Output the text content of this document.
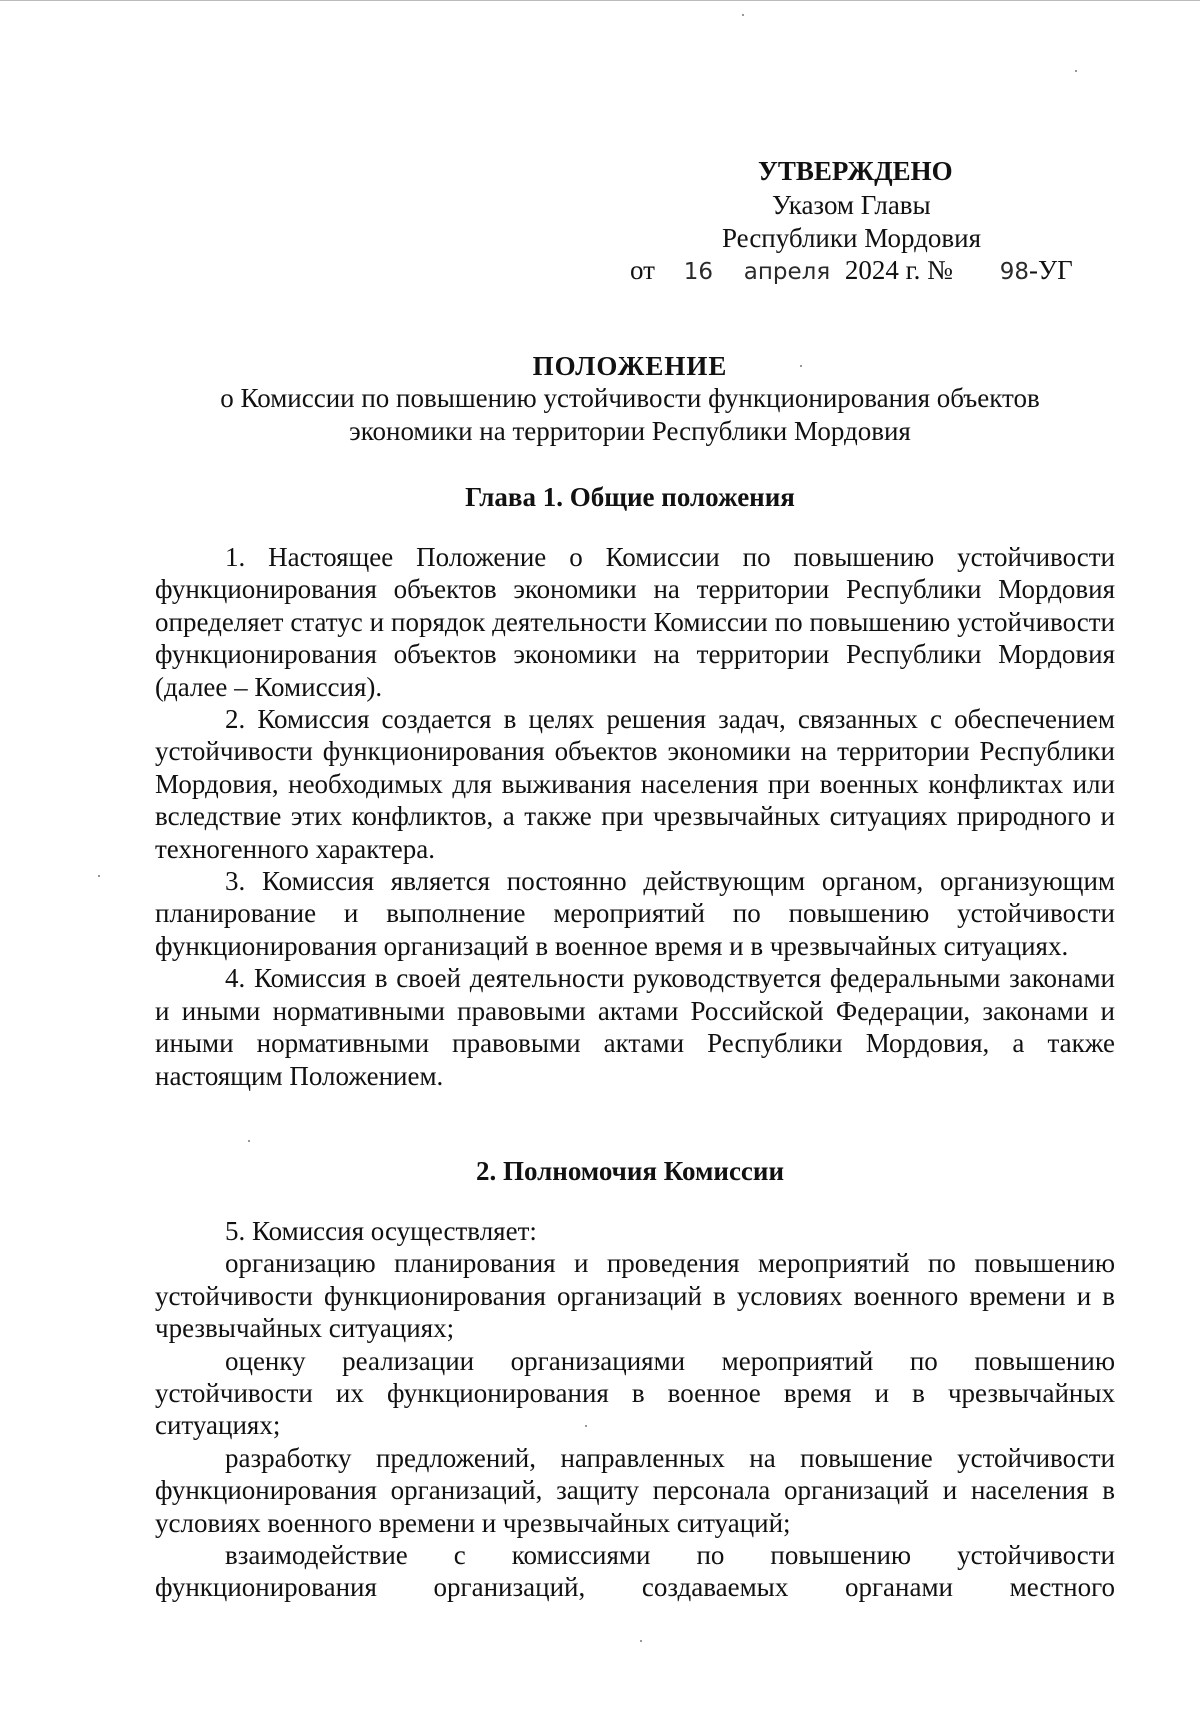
УТВЕРЖДЕНО
Указом Главы
Республики Мордовия
от 16 апреля 2024 г. № 98-УГ
ПОЛОЖЕНИЕ
о Комиссии по повышению устойчивости функционирования объектов
экономики на территории Республики Мордовия
Глава 1. Общие положения

1. Настоящее Положение о Комиссии по повышению устойчивости функционирования объектов экономики на территории Республики Мордовия определяет статус и порядок деятельности Комиссии по повышению устойчивости функционирования объектов экономики на территории Республики Мордовия (далее – Комиссия).

2. Комиссия создается в целях решения задач, связанных с обеспечением устойчивости функционирования объектов экономики на территории Республики Мордовия, необходимых для выживания населения при военных конфликтах или вследствие этих конфликтов, а также при чрезвычайных ситуациях природного и техногенного характера.

3. Комиссия является постоянно действующим органом, организующим планирование и выполнение мероприятий по повышению устойчивости функционирования организаций в военное время и в чрезвычайных ситуациях.

4. Комиссия в своей деятельности руководствуется федеральными законами и иными нормативными правовыми актами Российской Федерации, законами и иными нормативными правовыми актами Республики Мордовия, а также настоящим Положением.

2. Полномочия Комиссии

5. Комиссия осуществляет:

организацию планирования и проведения мероприятий по повышению устойчивости функционирования организаций в условиях военного времени и в чрезвычайных ситуациях;

оценку реализации организациями мероприятий по повышению устойчивости их функционирования в военное время и в чрезвычайных ситуациях;

разработку предложений, направленных на повышение устойчивости функционирования организаций, защиту персонала организаций и населения в условиях военного времени и чрезвычайных ситуаций;

взаимодействие с комиссиями по повышению устойчивости функционирования организаций, создаваемых органами местного
